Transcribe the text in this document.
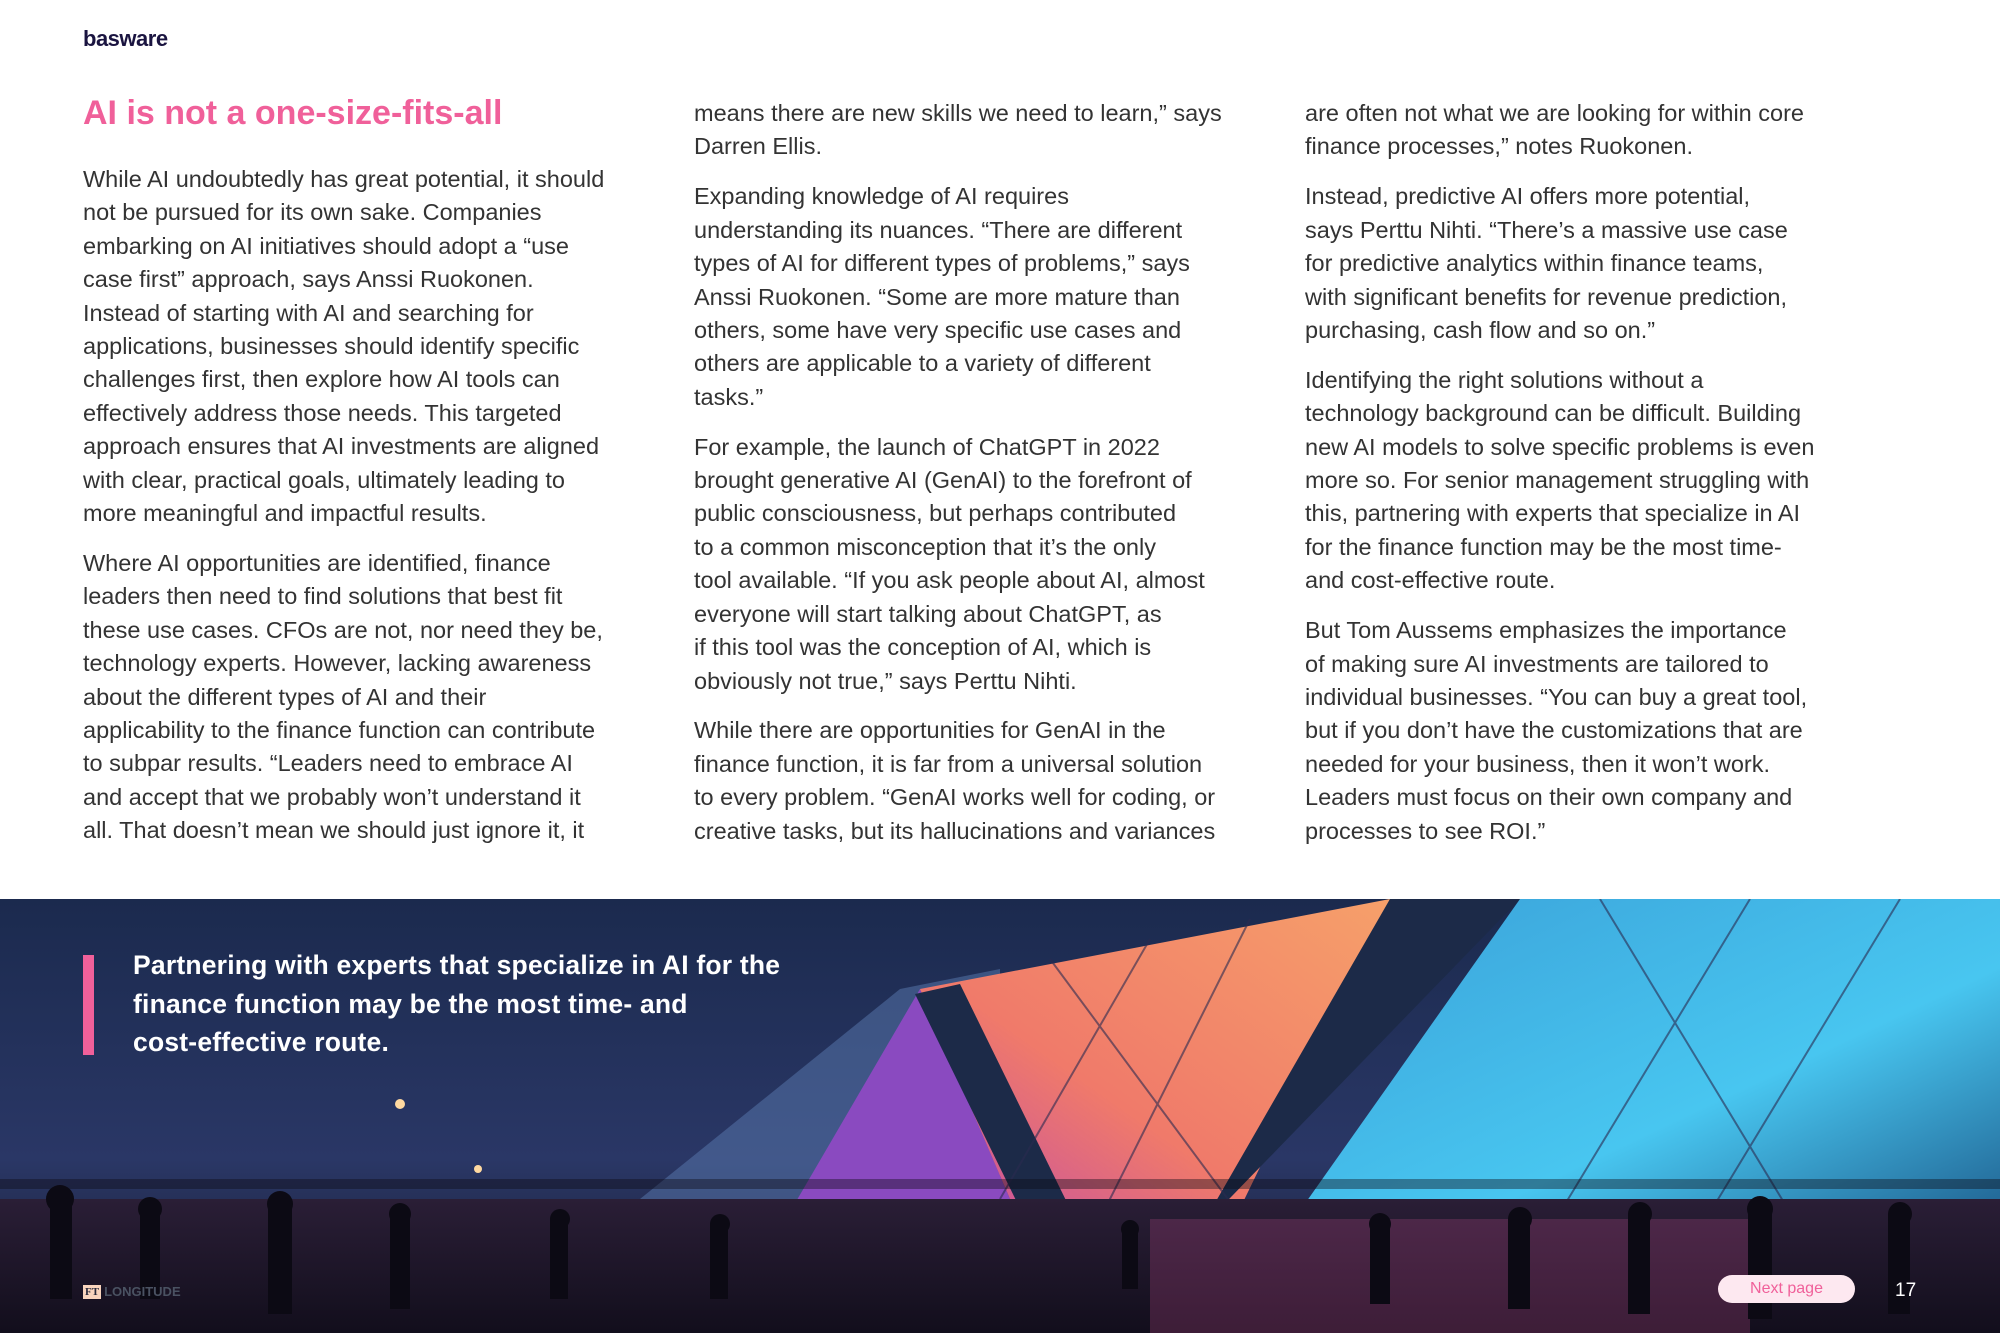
basware
AI is not a one-size-fits-all

While AI undoubtedly has great potential, it should
not be pursued for its own sake. Companies
embarking on AI initiatives should adopt a “use
case first” approach, says Anssi Ruokonen.
Instead of starting with AI and searching for
applications, businesses should identify specific
challenges first, then explore how AI tools can
effectively address those needs. This targeted
approach ensures that AI investments are aligned
with clear, practical goals, ultimately leading to
more meaningful and impactful results.

Where AI opportunities are identified, finance
leaders then need to find solutions that best fit
these use cases. CFOs are not, nor need they be,
technology experts. However, lacking awareness
about the different types of AI and their
applicability to the finance function can contribute
to subpar results. “Leaders need to embrace AI
and accept that we probably won’t understand it
all. That doesn’t mean we should just ignore it, it

means there are new skills we need to learn,” says
Darren Ellis.

Expanding knowledge of AI requires
understanding its nuances. “There are different
types of AI for different types of problems,” says
Anssi Ruokonen. “Some are more mature than
others, some have very specific use cases and
others are applicable to a variety of different
tasks.”

For example, the launch of ChatGPT in 2022
brought generative AI (GenAI) to the forefront of
public consciousness, but perhaps contributed
to a common misconception that it’s the only
tool available. “If you ask people about AI, almost
everyone will start talking about ChatGPT, as
if this tool was the conception of AI, which is
obviously not true,” says Perttu Nihti.

While there are opportunities for GenAI in the
finance function, it is far from a universal solution
to every problem. “GenAI works well for coding, or
creative tasks, but its hallucinations and variances

are often not what we are looking for within core
finance processes,” notes Ruokonen.

Instead, predictive AI offers more potential,
says Perttu Nihti. “There’s a massive use case
for predictive analytics within finance teams,
with significant benefits for revenue prediction,
purchasing, cash flow and so on.”

Identifying the right solutions without a
technology background can be difficult. Building
new AI models to solve specific problems is even
more so. For senior management struggling with
this, partnering with experts that specialize in AI
for the finance function may be the most time-
and cost-effective route.

But Tom Aussems emphasizes the importance
of making sure AI investments are tailored to
individual businesses. “You can buy a great tool,
but if you don’t have the customizations that are
needed for your business, then it won’t work.
Leaders must focus on their own company and
processes to see ROI.”

Partnering with experts that specialize in AI for the
finance function may be the most time- and
cost-effective route.
FT LONGITUDE	Next page	17
